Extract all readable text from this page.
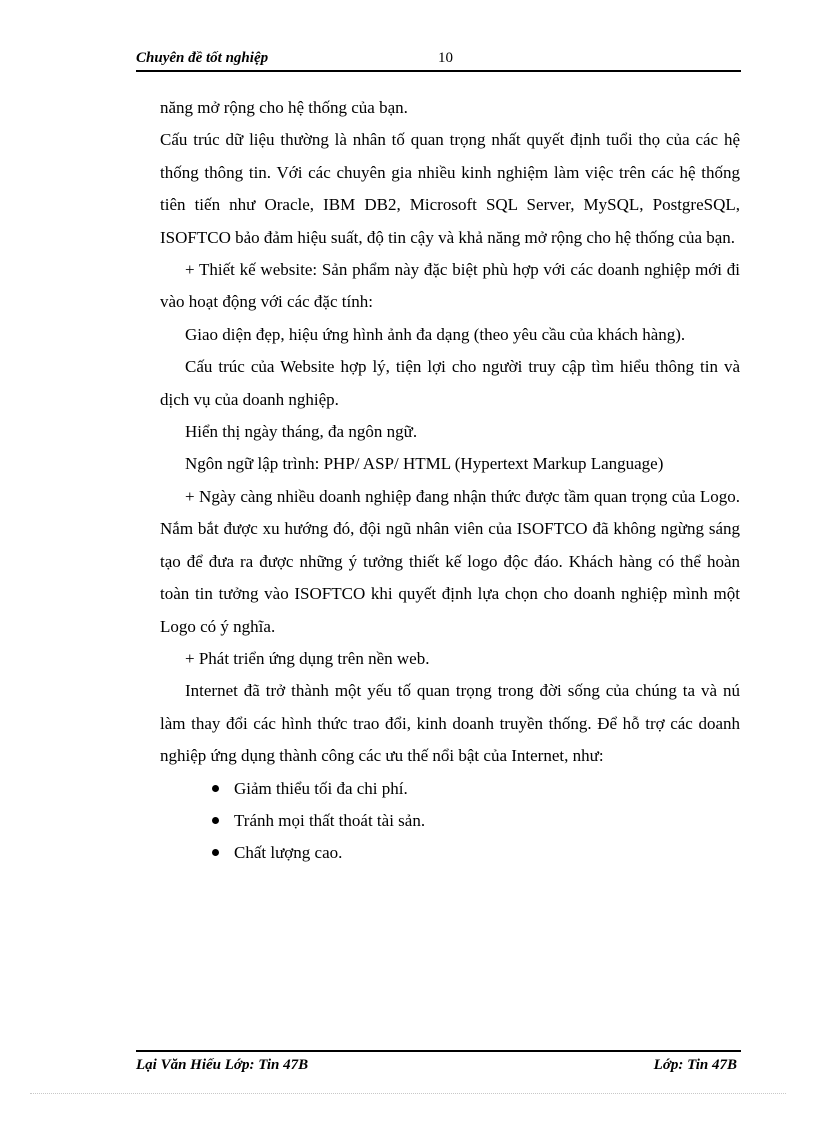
Chuyên đề tốt nghiệp	10

năng mở rộng cho hệ thống của bạn.

Cấu trúc dữ liệu thường là nhân tố quan trọng nhất quyết định tuổi thọ của các hệ thống thông tin. Với các chuyên gia nhiều kinh nghiệm làm việc trên các hệ thống tiên tiến như Oracle, IBM DB2, Microsoft SQL Server, MySQL, PostgreSQL, ISOFTCO bảo đảm hiệu suất, độ tin cậy và khả năng mở rộng cho hệ thống của bạn.

+ Thiết kế website: Sản phẩm này đặc biệt phù hợp với các doanh nghiệp mới đi vào hoạt động với các đặc tính:

Giao diện đẹp, hiệu ứng hình ảnh đa dạng (theo yêu cầu của khách hàng).

Cấu trúc của Website hợp lý, tiện lợi cho người truy cập tìm hiểu thông tin và dịch vụ của doanh nghiệp.

Hiển thị ngày tháng, đa ngôn ngữ.

Ngôn ngữ lập trình: PHP/ ASP/ HTML (Hypertext Markup Language)

+ Ngày càng nhiều doanh nghiệp đang nhận thức được tầm quan trọng của Logo. Nắm bắt được xu hướng đó, đội ngũ nhân viên của ISOFTCO đã không ngừng sáng tạo để đưa ra được những ý tưởng thiết kế logo độc đáo. Khách hàng có thể hoàn toàn tin tưởng vào ISOFTCO khi quyết định lựa chọn cho doanh nghiệp mình một Logo có ý nghĩa.

+ Phát triển ứng dụng trên nền web.

Internet đã trở thành một yếu tố quan trọng trong đời sống của chúng ta và nú làm thay đổi các hình thức trao đổi, kinh doanh truyền thống. Để hỗ trợ các doanh nghiệp ứng dụng thành công các ưu thế nổi bật của Internet, như:

Giảm thiểu tối đa chi phí.
Tránh mọi thất thoát tài sản.
Chất lượng cao.
Lại Văn Hiếu Lớp: Tin 47B	Lớp: Tin 47B
